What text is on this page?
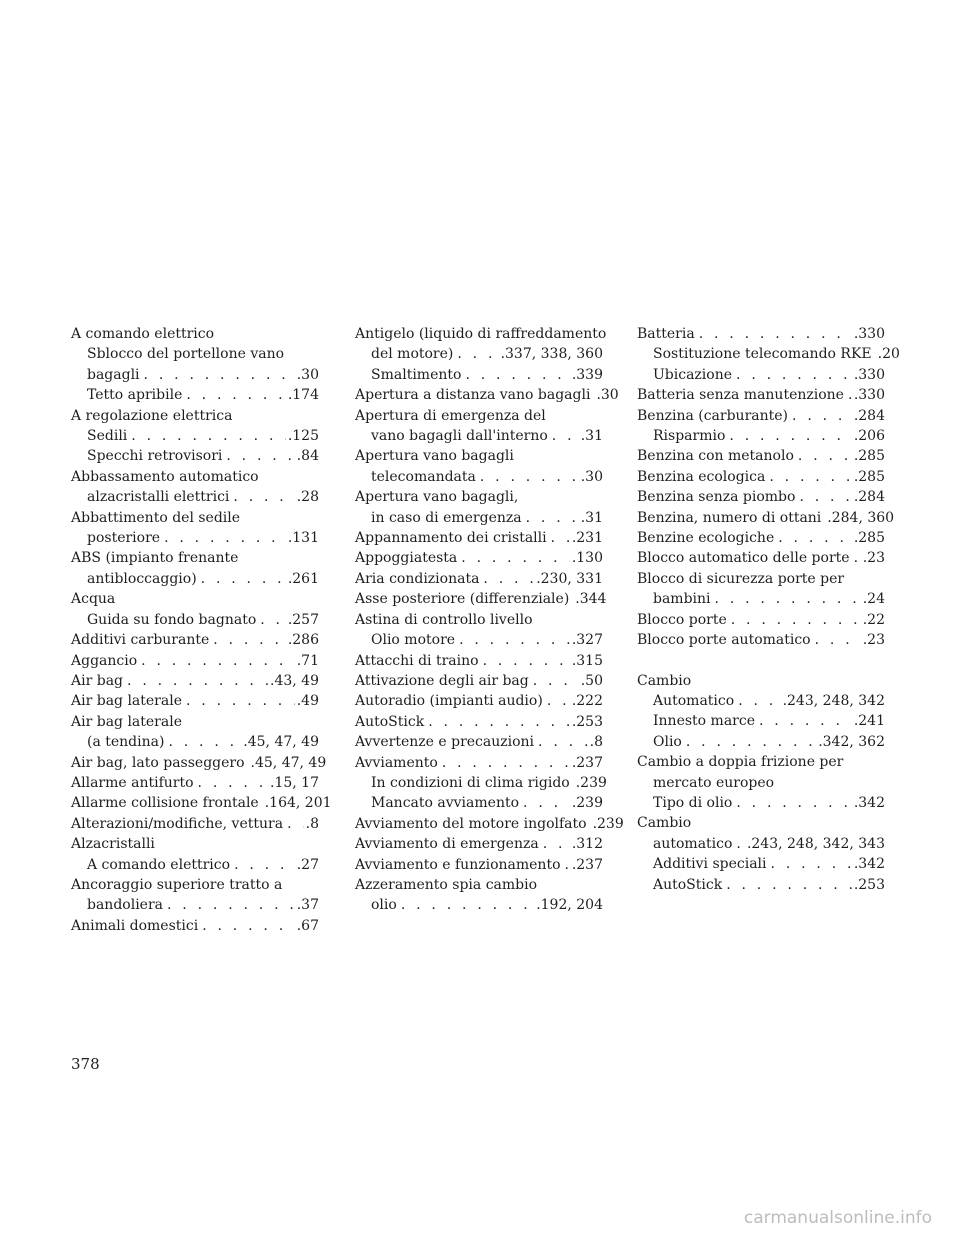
A comando elettrico
Sblocco del portellone vano
bagagli . . .	.30
Tetto apribile . . .	.174
A regolazione elettrica
Sedili . . .	.125
Specchi retrovisori . . .	.84
Abbassamento automatico
alzacristalli elettrici . . .	.28
Abbattimento del sedile
posteriore . . .	.131
ABS (impianto frenante
antibloccaggio) . . .	.261
Acqua
Guida su fondo bagnato . . . .257
Additivi carburante . . .	.286
Aggancio . . .	.71
Air bag . . .	.43, 49
Air bag laterale . . .	.49
Air bag laterale
(a tendina) . . .	.45, 47, 49
Air bag, lato passeggero .45, 47, 49
Allarme antifurto . . .	.15, 17
Allarme collisione frontale .164, 201
Alterazioni/modifiche, vettura . . . .8
Alzacristalli
A comando elettrico . . .	.27
Ancoraggio superiore tratto a
bandoliera . . .	.37
Animali domestici . . .	.67
Antigelo (liquido di raffreddamento
del motore) . . .	.337, 338, 360
Smaltimento . . .	.339
Apertura a distanza vano bagagli .30
Apertura di emergenza del
vano bagagli dall'interno . . . .31
Apertura vano bagagli
telecomandata . . .	.30
Apertura vano bagagli,
in caso di emergenza . . .	.31
Appannamento dei cristalli . . . .231
Appoggiatesta . . .	.130
Aria condizionata . . .	.230, 331
Asse posteriore (differenziale) .344
Astina di controllo livello
Olio motore . . .	.327
Attacchi di traino . . .	.315
Attivazione degli air bag . . .	.50
Autoradio (impianti audio) . . . .222
AutoStick . . .	.253
Avvertenze e precauzioni . . .	.8
Avviamento . . .	.237
In condizioni di clima rigido .239
Mancato avviamento . . .	.239
Avviamento del motore ingolfato .239
Avviamento di emergenza . . . .312
Avviamento e funzionamento . . . .237
Azzeramento spia cambio
olio . . .	.192, 204
Batteria . . .	.330
Sostituzione telecomando RKE .20
Ubicazione . . .	.330
Batteria senza manutenzione . . . .330
Benzina (carburante) . . .	.284
Risparmio . . .	.206
Benzina con metanolo . . .	.285
Benzina ecologica . . .	.285
Benzina senza piombo . . .	.284
Benzina, numero di ottani .284, 360
Benzine ecologiche . . .	.285
Blocco automatico delle porte . . . .23
Blocco di sicurezza porte per
bambini . . .	.24
Blocco porte . . .	.22
Blocco porte automatico . . .	.23
Cambio
Automatico . . .	.243, 248, 342
Innesto marce . . .	.241
Olio . . .	.342, 362
Cambio a doppia frizione per
mercato europeo
Tipo di olio . . .	.342
Cambio
automatico . . . .243, 248, 342, 343
Additivi speciali . . .	.342
AutoStick . . .	.253
378
carmanualsonline.info
